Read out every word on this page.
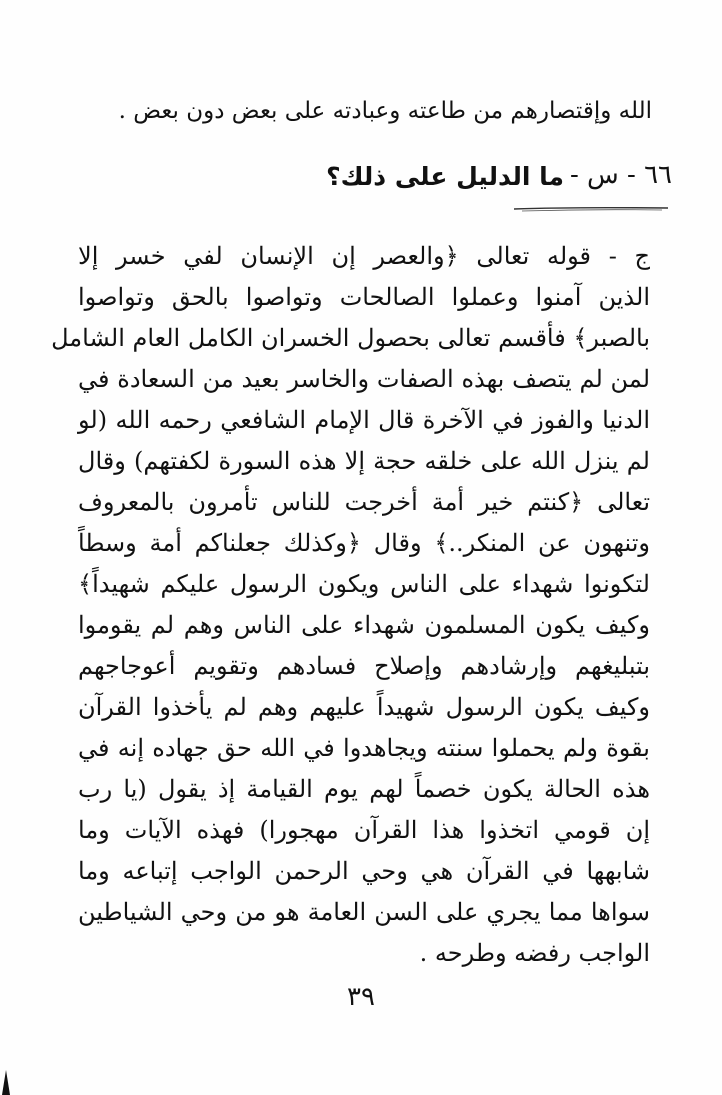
الله وإقتصارهم من طاعته وعبادته على بعض دون بعض .
٦٦ - س -
ما الدليل على ذلك؟
ج - قوله تعالى ﴿والعصر إن الإنسان لفي خسر إلا
الذين آمنوا وعملوا الصالحات وتواصوا بالحق وتواصوا
بالصبر﴾ فأقسم تعالى بحصول الخسران الكامل العام الشامل
لمن لم يتصف بهذه الصفات والخاسر بعيد من السعادة في
الدنيا والفوز في الآخرة قال الإمام الشافعي رحمه الله (لو
لم ينزل الله على خلقه حجة إلا هذه السورة لكفتهم) وقال
تعالى ﴿كنتم خير أمة أخرجت للناس تأمرون بالمعروف
وتنهون عن المنكر..﴾ وقال ﴿وكذلك جعلناكم أمة وسطاً
لتكونوا شهداء على الناس ويكون الرسول عليكم شهيداً﴾
وكيف يكون المسلمون شهداء على الناس وهم لم يقوموا
بتبليغهم وإرشادهم وإصلاح فسادهم وتقويم أعوجاجهم
وكيف يكون الرسول شهيداً عليهم وهم لم يأخذوا القرآن
بقوة ولم يحملوا سنته ويجاهدوا في الله حق جهاده إنه في
هذه الحالة يكون خصماً لهم يوم القيامة إذ يقول (يا رب
إن قومي اتخذوا هذا القرآن مهجورا) فهذه الآيات وما
شابهها في القرآن هي وحي الرحمن الواجب إتباعه وما
سواها مما يجري على السن العامة هو من وحي الشياطين
الواجب رفضه وطرحه .
٣٩
